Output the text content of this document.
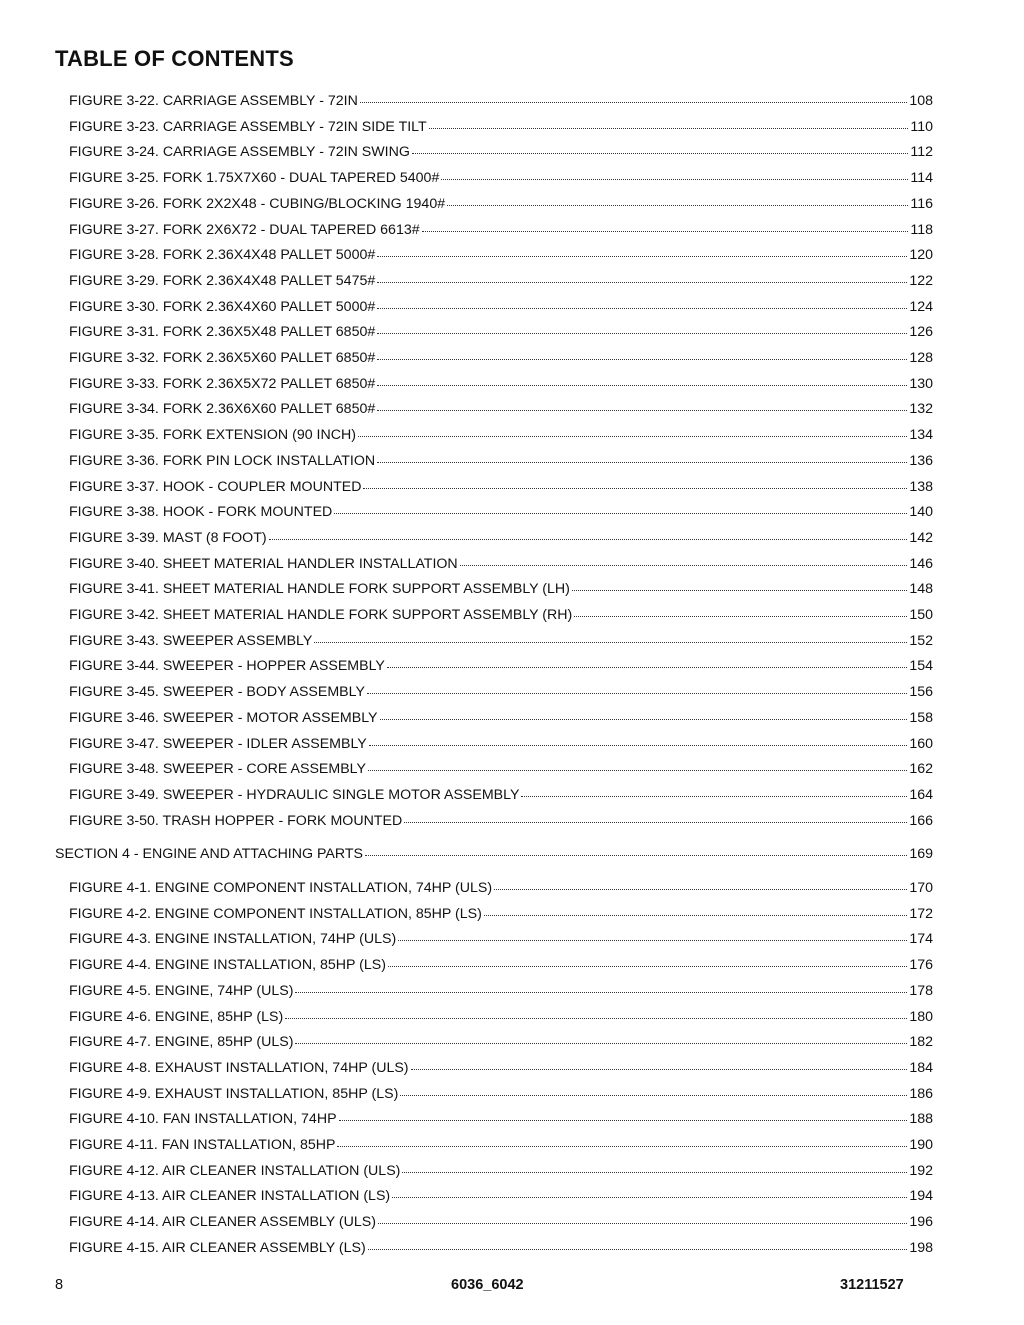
TABLE OF CONTENTS
FIGURE 3-22. CARRIAGE ASSEMBLY - 72IN	108
FIGURE 3-23. CARRIAGE ASSEMBLY - 72IN SIDE TILT	110
FIGURE 3-24. CARRIAGE ASSEMBLY - 72IN SWING	112
FIGURE 3-25. FORK 1.75X7X60 - DUAL TAPERED 5400#	114
FIGURE 3-26. FORK 2X2X48 - CUBING/BLOCKING 1940#	116
FIGURE 3-27. FORK 2X6X72 - DUAL TAPERED 6613#	118
FIGURE 3-28. FORK 2.36X4X48 PALLET 5000#	120
FIGURE 3-29. FORK 2.36X4X48 PALLET 5475#	122
FIGURE 3-30. FORK 2.36X4X60 PALLET 5000#	124
FIGURE 3-31. FORK 2.36X5X48 PALLET 6850#	126
FIGURE 3-32. FORK 2.36X5X60 PALLET 6850#	128
FIGURE 3-33. FORK 2.36X5X72 PALLET 6850#	130
FIGURE 3-34. FORK 2.36X6X60 PALLET 6850#	132
FIGURE 3-35. FORK EXTENSION (90 INCH)	134
FIGURE 3-36. FORK PIN LOCK INSTALLATION	136
FIGURE 3-37. HOOK - COUPLER MOUNTED	138
FIGURE 3-38. HOOK - FORK MOUNTED	140
FIGURE 3-39. MAST (8 FOOT)	142
FIGURE 3-40. SHEET MATERIAL HANDLER INSTALLATION	146
FIGURE 3-41. SHEET MATERIAL HANDLE FORK SUPPORT ASSEMBLY (LH)	148
FIGURE 3-42. SHEET MATERIAL HANDLE FORK SUPPORT ASSEMBLY (RH)	150
FIGURE 3-43. SWEEPER ASSEMBLY	152
FIGURE 3-44. SWEEPER - HOPPER ASSEMBLY	154
FIGURE 3-45. SWEEPER - BODY ASSEMBLY	156
FIGURE 3-46. SWEEPER - MOTOR ASSEMBLY	158
FIGURE 3-47. SWEEPER - IDLER ASSEMBLY	160
FIGURE 3-48. SWEEPER - CORE ASSEMBLY	162
FIGURE 3-49. SWEEPER - HYDRAULIC SINGLE MOTOR ASSEMBLY	164
FIGURE 3-50. TRASH HOPPER - FORK MOUNTED	166
SECTION 4 - ENGINE AND ATTACHING PARTS	169
FIGURE 4-1. ENGINE COMPONENT INSTALLATION, 74HP (ULS)	170
FIGURE 4-2. ENGINE COMPONENT INSTALLATION, 85HP (LS)	172
FIGURE 4-3. ENGINE INSTALLATION, 74HP (ULS)	174
FIGURE 4-4. ENGINE INSTALLATION, 85HP (LS)	176
FIGURE 4-5. ENGINE, 74HP (ULS)	178
FIGURE 4-6. ENGINE, 85HP (LS)	180
FIGURE 4-7. ENGINE, 85HP (ULS)	182
FIGURE 4-8. EXHAUST INSTALLATION, 74HP (ULS)	184
FIGURE 4-9. EXHAUST INSTALLATION, 85HP (LS)	186
FIGURE 4-10. FAN INSTALLATION, 74HP	188
FIGURE 4-11. FAN INSTALLATION, 85HP	190
FIGURE 4-12. AIR CLEANER INSTALLATION (ULS)	192
FIGURE 4-13. AIR CLEANER INSTALLATION (LS)	194
FIGURE 4-14. AIR CLEANER ASSEMBLY (ULS)	196
FIGURE 4-15. AIR CLEANER ASSEMBLY (LS)	198
8	6036_6042	31211527
